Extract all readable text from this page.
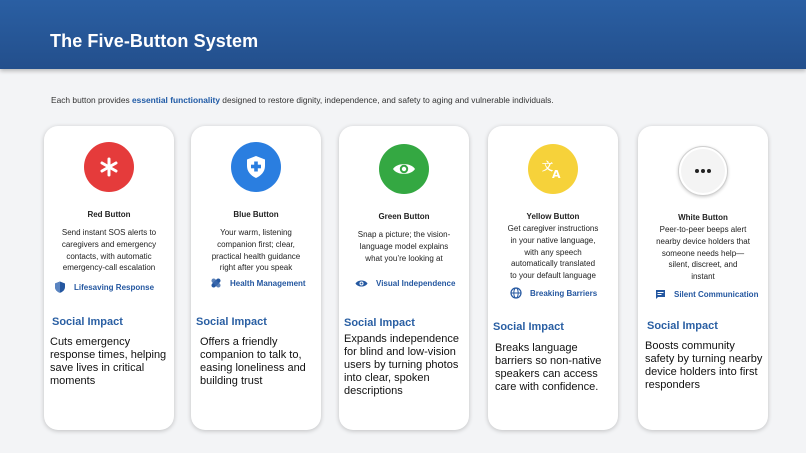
The Five-Button System
Each button provides essential functionality designed to restore dignity, independence, and safety to aging and vulnerable individuals.
Red Button
Send instant SOS alerts to
caregivers and emergency
contacts, with automatic
emergency-call escalation
Lifesaving Response
Social Impact
Cuts emergency
response times, helping
save lives in critical
moments
Blue Button
Your warm, listening
companion first; clear,
practical health guidance
right after you speak
Health Management
Social Impact
Offers a friendly
companion to talk to,
easing loneliness and
building trust
Green Button
Snap a picture; the vision-
language model explains
what you’re looking at
Visual Independence
Social Impact
Expands independence
for blind and low-vision
users by turning photos
into clear, spoken
descriptions
文
A
Yellow Button
Get caregiver instructions
in your native language,
with any speech
automatically translated
to your default language
Breaking Barriers
Social Impact
Breaks language
barriers so non-native
speakers can access
care with confidence.
White Button
Peer-to-peer beeps alert
nearby device holders that
someone needs help—
silent, discreet, and
instant
Silent Communication
Social Impact
Boosts community
safety by turning nearby
device holders into first
responders
